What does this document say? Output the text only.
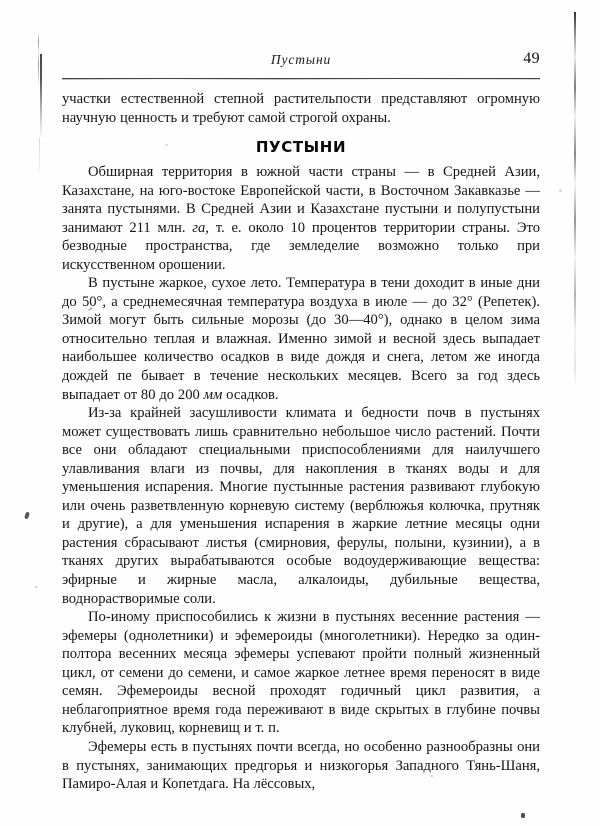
Пустыни	49

участки естественной степной растительпости представляют огромную научную ценность и требуют самой строгой охраны.

ПУСТЫНИ

Обширная территория в южной части страны — в Средней Азии, Казахстане, на юго-востоке Европейской части, в Восточном Закавказье — занята пустынями. В Средней Азии и Казахстане пустыни и полупустыни занимают 211 млн. га, т. е. около 10 процентов территории страны. Это безводные пространства, где земледелие возможно только при искусственном орошении.

В пустыне жаркое, сухое лето. Температура в тени доходит в иные дни до 50°, а среднемесячная температура воздуха в июле — до 32° (Репетек). Зимой могут быть сильные морозы (до 30—40°), однако в целом зима относительно теплая и влажная. Именно зимой и весной здесь выпадает наибольшее количество осадков в виде дождя и снега, летом же иногда дождей пе бывает в течение нескольких месяцев. Всего за год здесь выпадает от 80 до 200 мм осадков.

Из-за крайней засушливости климата и бедности почв в пустынях может существовать лишь сравнительно небольшое число растений. Почти все они обладают специальными приспособлениями для наилучшего улавливания влаги из почвы, для накопления в тканях воды и для уменьшения испарения. Многие пустынные растения развивают глубокую или очень разветвленную корневую систему (верблюжья колючка, прутняк и другие), а для уменьшения испарения в жаркие летние месяцы одни растения сбрасывают листья (смирновия, ферулы, полыни, кузинии), а в тканях других вырабатываются особые водоудерживающие вещества: эфирные и жирные масла, алкалоиды, дубильные вещества, воднорастворимые соли.

По-иному приспособились к жизни в пустынях весенние растения — эфемеры (однолетники) и эфемероиды (многолетники). Нередко за один-полтора весенних месяца эфемеры успевают пройти полный жизненный цикл, от семени до семени, и самое жаркое летнее время переносят в виде семян. Эфемероиды весной проходят годичный цикл развития, а неблагоприятное время года переживают в виде скрытых в глубине почвы клубней, луковиц, корневищ и т. п.

Эфемеры есть в пустынях почти всегда, но особенно разнообразны они в пустынях, занимающих предгорья и низкогорья Западного Тянь-Шаня, Памиро-Алая и Копетдага. На лёссовых,
